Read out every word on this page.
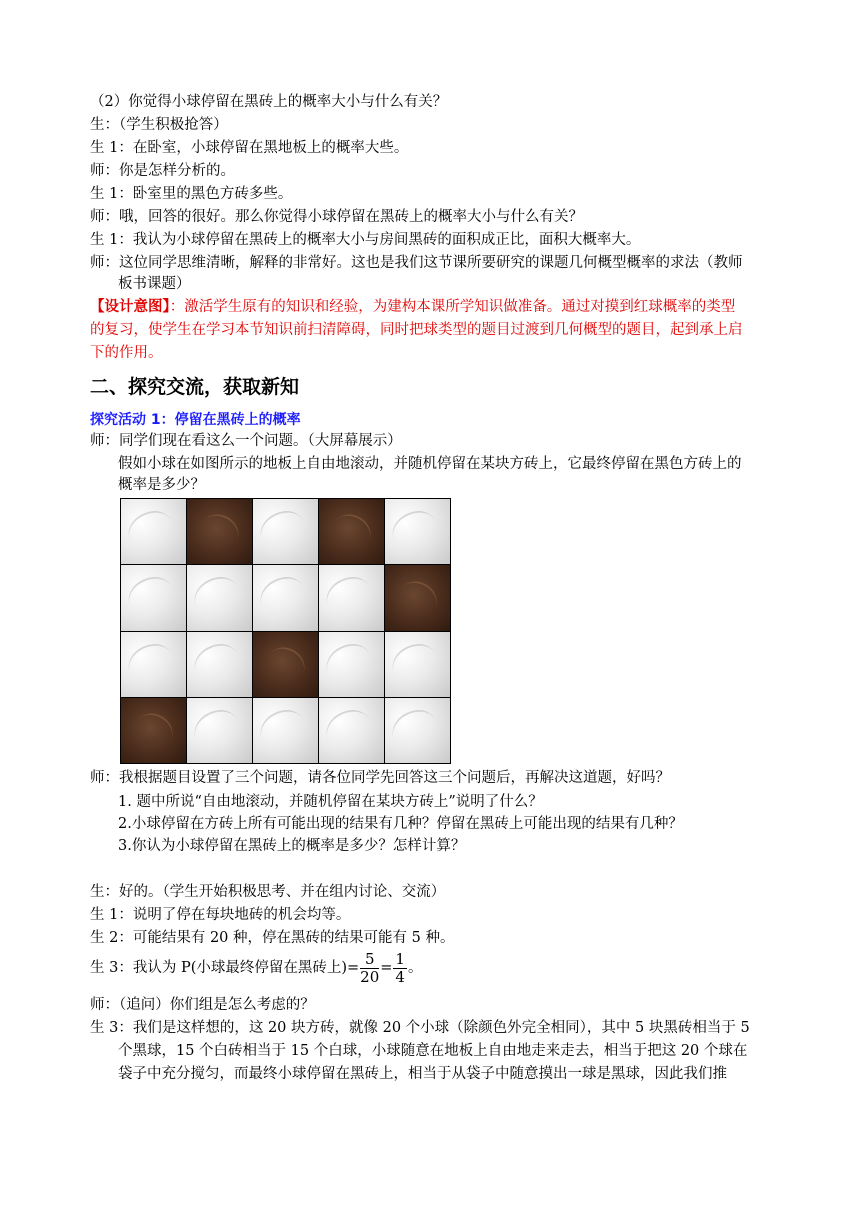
（2）你觉得小球停留在黑砖上的概率大小与什么有关？
生：（学生积极抢答）
生 1：在卧室，小球停留在黑地板上的概率大些。
师：你是怎样分析的。
生 1：卧室里的黑色方砖多些。
师：哦，回答的很好。那么你觉得小球停留在黑砖上的概率大小与什么有关？
生 1：我认为小球停留在黑砖上的概率大小与房间黑砖的面积成正比，面积大概率大。
师：这位同学思维清晰，解释的非常好。这也是我们这节课所要研究的课题几何概型概率的求法（教师
板书课题）
【设计意图】：激活学生原有的知识和经验，为建构本课所学知识做准备。通过对摸到红球概率的类型
的复习，使学生在学习本节知识前扫清障碍，同时把球类型的题目过渡到几何概型的题目，起到承上启
下的作用。
二、探究交流，获取新知
探究活动 1：停留在黑砖上的概率
师：同学们现在看这么一个问题。（大屏幕展示）
假如小球在如图所示的地板上自由地滚动，并随机停留在某块方砖上，它最终停留在黑色方砖上的
概率是多少？
师：我根据题目设置了三个问题，请各位同学先回答这三个问题后，再解决这道题，好吗？
1. 题中所说“自由地滚动，并随机停留在某块方砖上”说明了什么？
2.小球停留在方砖上所有可能出现的结果有几种？停留在黑砖上可能出现的结果有几种？
3.你认为小球停留在黑砖上的概率是多少？怎样计算？
生：好的。（学生开始积极思考、并在组内讨论、交流）
生 1：说明了停在每块地砖的机会均等。
生 2：可能结果有 20 种，停在黑砖的结果可能有 5 种。
生 3：我认为 P(小球最终停留在黑砖上)= $\frac{5}{20} = \frac{1}{4}$ 。
师：（追问）你们组是怎么考虑的？
生 3：我们是这样想的，这 20 块方砖，就像 20 个小球（除颜色外完全相同），其中 5 块黑砖相当于 5
个黑球，15 个白砖相当于 15 个白球，小球随意在地板上自由地走来走去，相当于把这 20 个球在
袋子中充分搅匀，而最终小球停留在黑砖上，相当于从袋子中随意摸出一球是黑球，因此我们推
